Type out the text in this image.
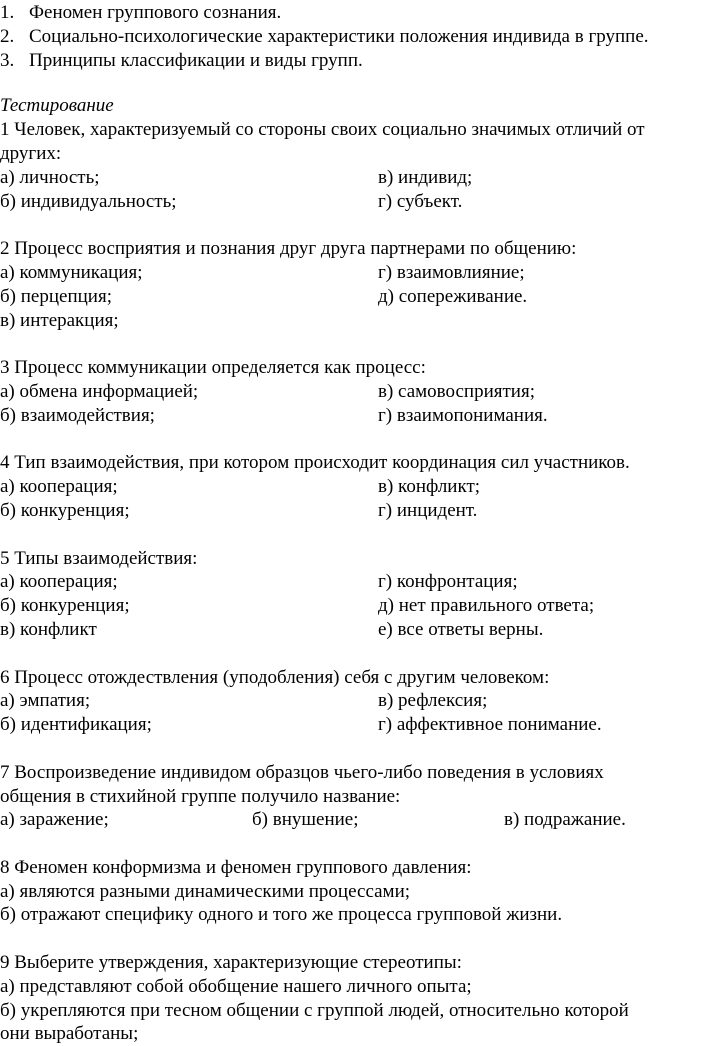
1. Феномен группового сознания.
2. Социально-психологические характеристики положения индивида в группе.
3. Принципы классификации и виды групп.
Тестирование
1 Человек, характеризуемый со стороны своих социально значимых отличий от
других:
а) личность;	в) индивид;
б) индивидуальность;	г) субъект.
2 Процесс восприятия и познания друг друга партнерами по общению:
а) коммуникация;	г) взаимовлияние;
б) перцепция;	д) сопереживание.
в) интеракция;
3 Процесс коммуникации определяется как процесс:
а) обмена информацией;	в) самовосприятия;
б) взаимодействия;	г) взаимопонимания.
4 Тип взаимодействия, при котором происходит координация сил участников.
а) кооперация;	в) конфликт;
б) конкуренция;	г) инцидент.
5 Типы взаимодействия:
а) кооперация;	г) конфронтация;
б) конкуренция;	д) нет правильного ответа;
в) конфликт	е) все ответы верны.
6 Процесс отождествления (уподобления) себя с другим человеком:
а) эмпатия;	в) рефлексия;
б) идентификация;	г) аффективное понимание.
7 Воспроизведение индивидом образцов чьего-либо поведения в условиях
общения в стихийной группе получило название:
а) заражение;	б) внушение;	в) подражание.
8 Феномен конформизма и феномен группового давления:
а) являются разными динамическими процессами;
б) отражают специфику одного и того же процесса групповой жизни.
9 Выберите утверждения, характеризующие стереотипы:
а) представляют собой обобщение нашего личного опыта;
б) укрепляются при тесном общении с группой людей, относительно которой
они выработаны;
